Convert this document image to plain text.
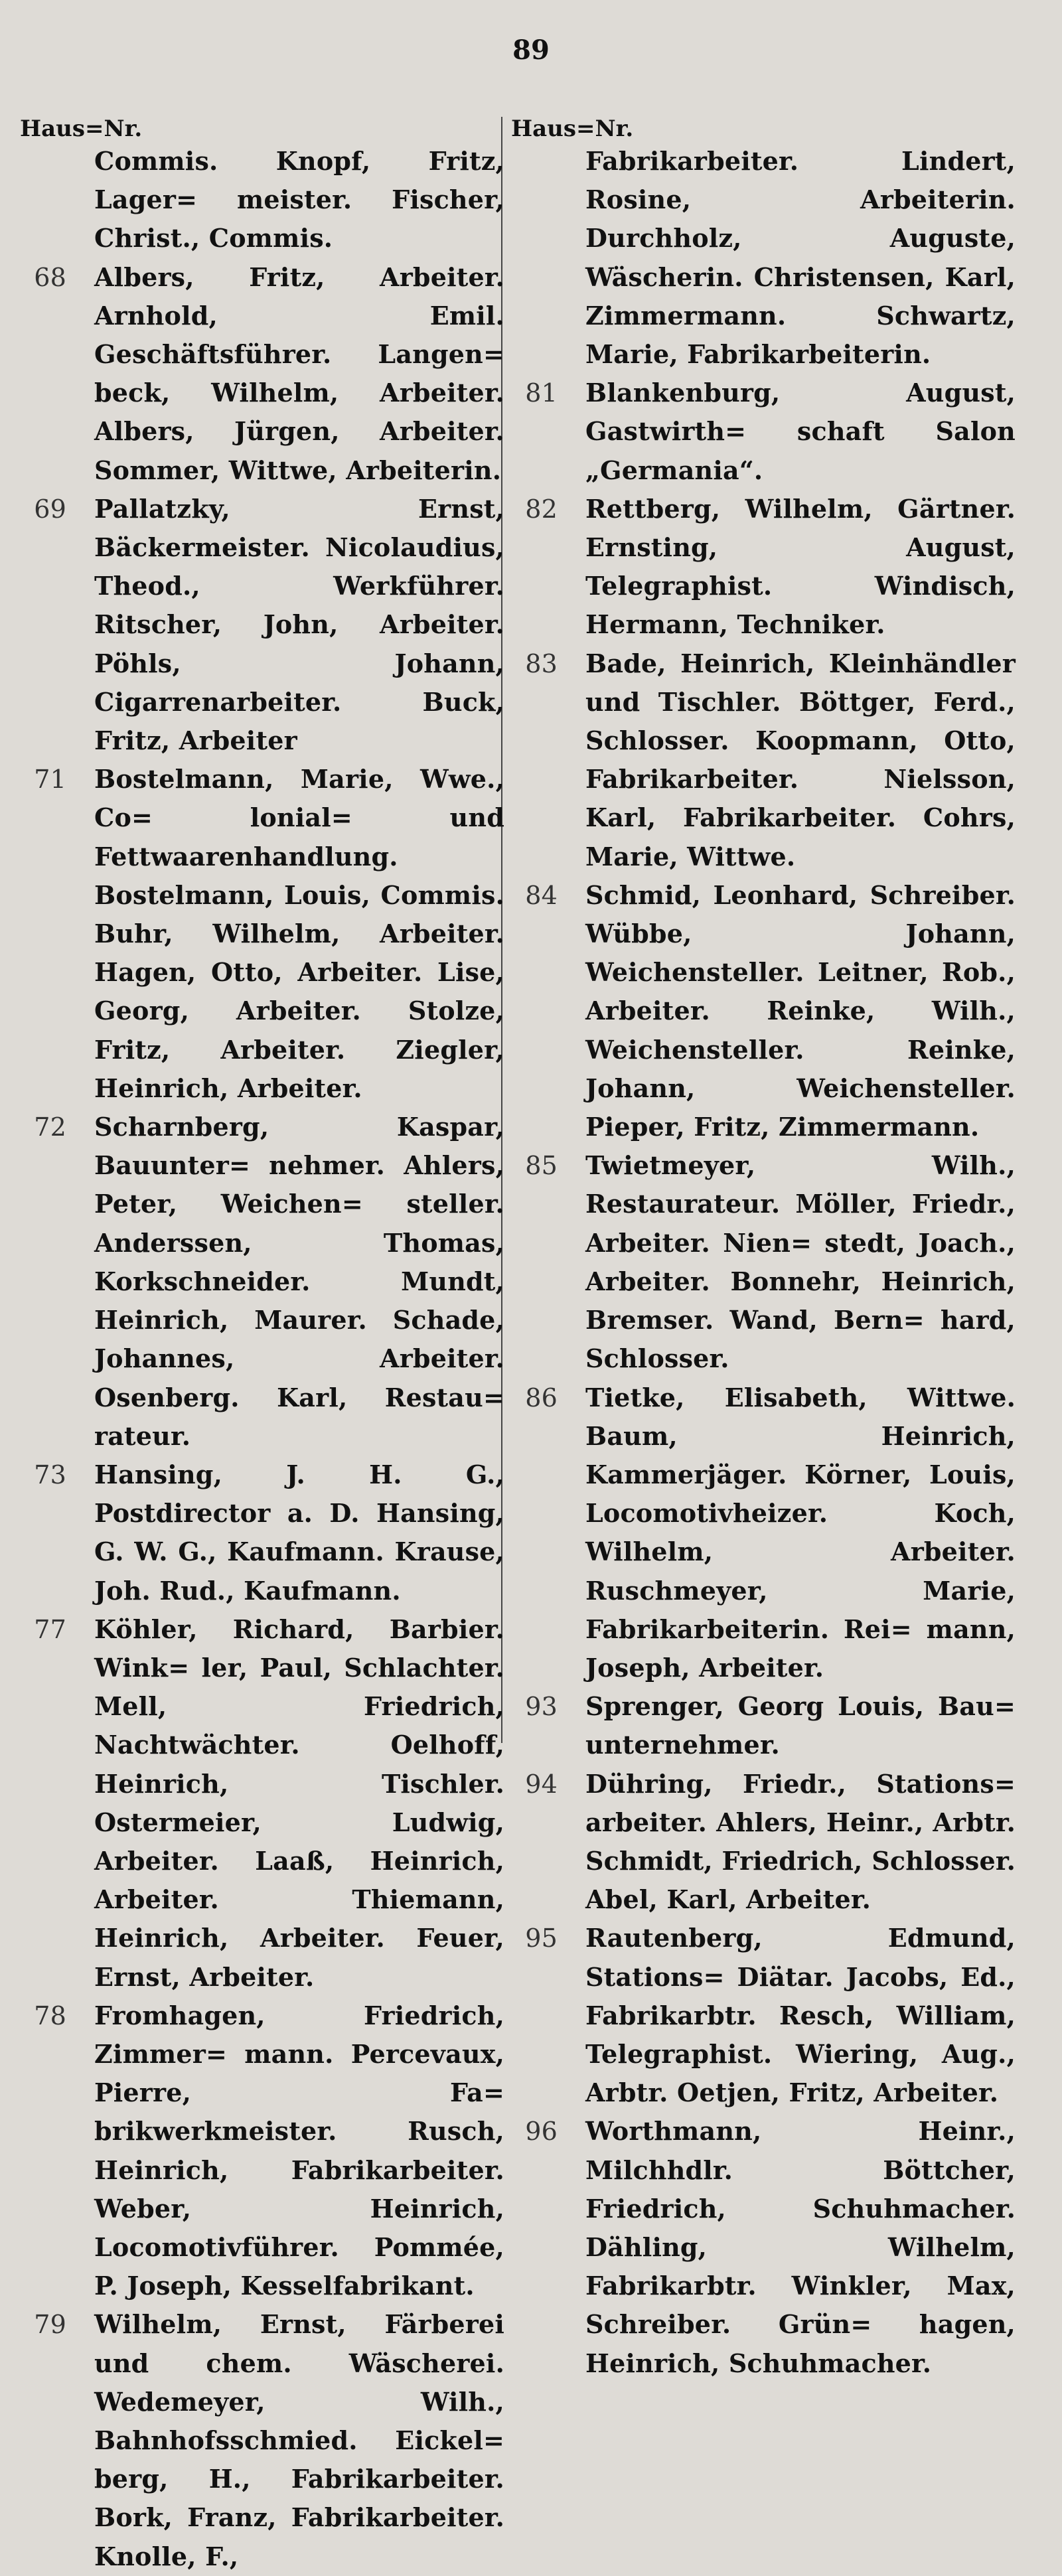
89
Haus=Nr.
Commis. Knopf, Fritz, Lager= meister. Fischer, Christ., Commis.
68 Albers, Fritz, Arbeiter. Arnhold, Emil. Geschäftsführer. Langen= beck, Wilhelm, Arbeiter. Albers, Jürgen, Arbeiter. Sommer, Wittwe, Arbeiterin.
69 Pallatzky, Ernst, Bäckermeister. Nicolaudius, Theod., Werkführer. Ritscher, John, Arbeiter. Pöhls, Johann, Cigarrenarbeiter. Buck, Fritz, Arbeiter
71 Bostelmann, Marie, Wwe., Co= lonial= und Fettwaarenhandlung. Bostelmann, Louis, Commis. Buhr, Wilhelm, Arbeiter. Hagen, Otto, Arbeiter. Lise, Georg, Arbeiter. Stolze, Fritz, Arbeiter. Ziegler, Heinrich, Arbeiter.
72 Scharnberg, Kaspar, Bauunter= nehmer. Ahlers, Peter, Weichen= steller. Anderssen, Thomas, Korkschneider. Mundt, Heinrich, Maurer. Schade, Johannes, Arbeiter. Osenberg. Karl, Restau= rateur.
73 Hansing, J. H. G., Postdirector a. D. Hansing, G. W. G., Kaufmann. Krause, Joh. Rud., Kaufmann.
77 Köhler, Richard, Barbier. Wink= ler, Paul, Schlachter. Mell, Friedrich, Nachtwächter. Oelhoff, Heinrich, Tischler. Ostermeier, Ludwig, Arbeiter. Laaß, Heinrich, Arbeiter. Thiemann, Heinrich, Arbeiter. Feuer, Ernst, Arbeiter.
78 Fromhagen, Friedrich, Zimmer= mann. Percevaux, Pierre, Fa= brikwerkmeister. Rusch, Heinrich, Fabrikarbeiter. Weber, Heinrich, Locomotivführer. Pommée, P. Joseph, Kesselfabrikant.
79 Wilhelm, Ernst, Färberei und chem. Wäscherei. Wedemeyer, Wilh., Bahnhofsschmied. Eickel= berg, H., Fabrikarbeiter. Bork, Franz, Fabrikarbeiter. Knolle, F.,
Haus=Nr.
Fabrikarbeiter. Lindert, Rosine, Arbeiterin. Durchholz, Auguste, Wäscherin. Christensen, Karl, Zimmermann. Schwartz, Marie, Fabrikarbeiterin.
81 Blankenburg, August, Gastwirth= schaft Salon „Germania“.
82 Rettberg, Wilhelm, Gärtner. Ernsting, August, Telegraphist. Windisch, Hermann, Techniker.
83 Bade, Heinrich, Kleinhändler und Tischler. Böttger, Ferd., Schlosser. Koopmann, Otto, Fabrikarbeiter. Nielsson, Karl, Fabrikarbeiter. Cohrs, Marie, Wittwe.
84 Schmid, Leonhard, Schreiber. Wübbe, Johann, Weichensteller. Leitner, Rob., Arbeiter. Reinke, Wilh., Weichensteller. Reinke, Johann, Weichensteller. Pieper, Fritz, Zimmermann.
85 Twietmeyer, Wilh., Restaurateur. Möller, Friedr., Arbeiter. Nien= stedt, Joach., Arbeiter. Bonnehr, Heinrich, Bremser. Wand, Bern= hard, Schlosser.
86 Tietke, Elisabeth, Wittwe. Baum, Heinrich, Kammerjäger. Körner, Louis, Locomotivheizer. Koch, Wilhelm, Arbeiter. Ruschmeyer, Marie, Fabrikarbeiterin. Rei= mann, Joseph, Arbeiter.
93 Sprenger, Georg Louis, Bau= unternehmer.
94 Dühring, Friedr., Stations= arbeiter. Ahlers, Heinr., Arbtr. Schmidt, Friedrich, Schlosser. Abel, Karl, Arbeiter.
95 Rautenberg, Edmund, Stations= Diätar. Jacobs, Ed., Fabrikarbtr. Resch, William, Telegraphist. Wiering, Aug., Arbtr. Oetjen, Fritz, Arbeiter.
96 Worthmann, Heinr., Milchhdlr. Böttcher, Friedrich, Schuhmacher. Dähling, Wilhelm, Fabrikarbtr. Winkler, Max, Schreiber. Grün= hagen, Heinrich, Schuhmacher.
